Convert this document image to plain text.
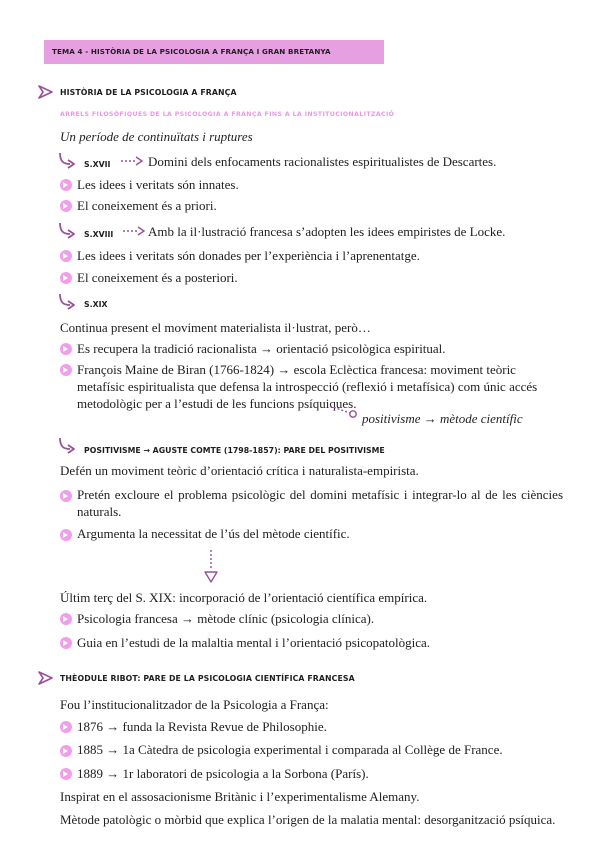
TEMA 4 - HISTÒRIA DE LA PSICOLOGIA A FRANÇA I GRAN BRETANYA
HISTÒRIA DE LA PSICOLOGIA A FRANÇA
ARRELS FILOSÒFIQUES DE LA PSICOLOGIA A FRANÇA FINS A LA INSTITUCIONALITZACIÓ
Un període de continuïtats i ruptures
S.XVII	Domini dels enfocaments racionalistes espiritualistes de Descartes.
Les idees i veritats són innates.
El coneixement és a priori.
S.XVIII	Amb la il·lustració francesa s’adopten les idees empiristes de Locke.
Les idees i veritats són donades per l’experiència i l’aprenentatge.
El coneixement és a posteriori.
S.XIX
Continua present el moviment materialista il·lustrat, però…
Es recupera la tradició racionalista → orientació psicològica espiritual.
François Maine de Biran (1766-1824) → escola Eclèctica francesa: moviment teòric metafísic espiritualista que defensa la introspecció (reflexió i metafísica) com únic accés metodològic per a l’estudi de les funcions psíquiques.
positivisme → mètode científic
POSITIVISME → AGUSTE COMTE (1798-1857): PARE DEL POSITIVISME
Defén un moviment teòric d’orientació crítica i naturalista-empirista.
Pretén excloure el problema psicològic del domini metafísic i integrar-lo al de les ciències naturals.
Argumenta la necessitat de l’ús del mètode científic.
Últim terç del S. XIX: incorporació de l’orientació científica empírica.
Psicologia francesa → mètode clínic (psicologia clínica).
Guia en l’estudi de la malaltia mental i l’orientació psicopatològica.
THÈODULE RIBOT: PARE DE LA PSICOLOGIA CIENTÍFICA FRANCESA
Fou l’institucionalitzador de la Psicologia a França:
1876 → funda la Revista Revue de Philosophie.
1885 → 1a Càtedra de psicologia experimental i comparada al Collège de France.
1889 → 1r laboratori de psicologia a la Sorbona (París).
Inspirat en el assosacionisme Britànic i l’experimentalisme Alemany.
Mètode patològic o mòrbid que explica l’origen de la malatia mental: desorganització psíquica.
